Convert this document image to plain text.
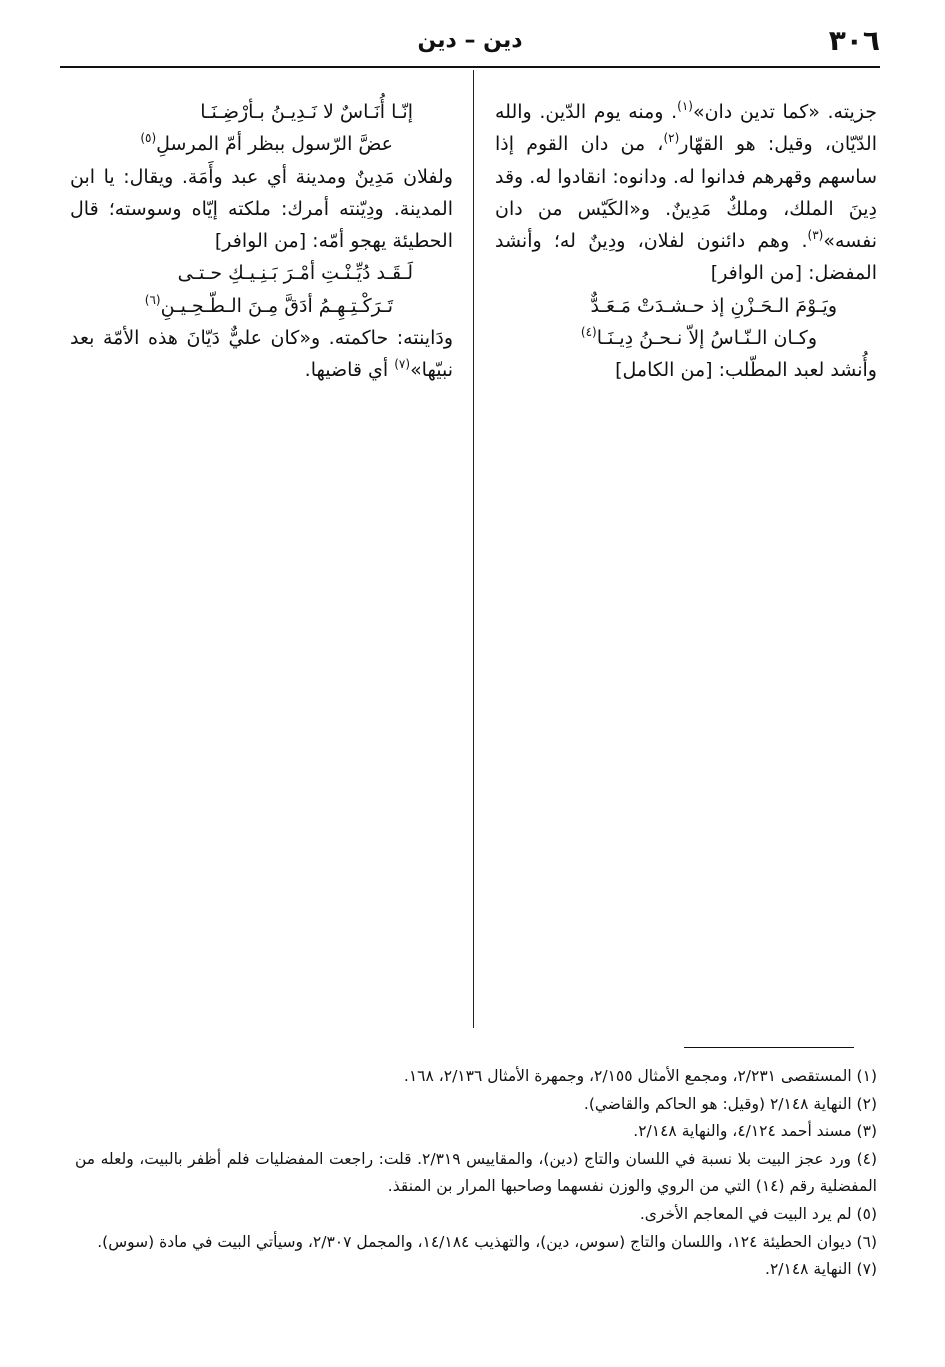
٣٠٦
دين – دين

جزيته. «كما تدين دان»$^{(١)}$. ومنه يوم الدّين. والله الدّيّان، وقيل: هو القهّار$^{(٢)}$، من دان القوم إذا ساسهم وقهرهم فدانوا له. ودانوه: انقادوا له. وقد دِينَ الملك، وملكٌ مَدِينٌ. و«الكَيّس من دان نفسه»$^{(٣)}$. وهم دائنون لفلان، ودِينٌ له؛ وأنشد المفضل: [من الوافر]

ويَـوْمَ الـحَـزْنِ إذ حـشـدَتْ مَـعَـدٌّ

وكـان الـنّـاسُ إلاّ نـحـنُ دِيـنَـا$^{(٤)}$

وأُنشد لعبد المطّلب: [من الكامل]

إنّـا أُنَـاسٌ لا نَـدِيـنُ بـأرْضِـنَـا

عضَّ الرّسول ببظر أمّ المرسلِ$^{(٥)}$

ولفلان مَدِينٌ ومدينة أي عبد وأَمَة. ويقال: يا ابن المدينة. ودِيّنته أمرك: ملكته إيّاه وسوسته؛ قال الحطيئة يهجو أمّه: [من الوافر]

لَـقَـد دُيِّـنْـتِ أمْـرَ بَـنِـيـكِ حـتـى

تَـرَكْـتِـهِـمُ أدَقَّ مِـنَ الـطّـحِـيـنِ$^{(٦)}$

ودَاينته: حاكمته. و«كان عليٌّ دَيّانَ هذه الأمّة بعد نبيّها»$^{(٧)}$ أي قاضيها.

(١) المستقصى ٢/٢٣١، ومجمع الأمثال ٢/١٥٥، وجمهرة الأمثال ٢/١٣٦، ١٦٨.

(٢) النهاية ٢/١٤٨ (وقيل: هو الحاكم والقاضي).

(٣) مسند أحمد ٤/١٢٤، والنهاية ٢/١٤٨.

(٤) ورد عجز البيت بلا نسبة في اللسان والتاج (دين)، والمقاييس ٢/٣١٩. قلت: راجعت المفضليات فلم أظفر بالبيت، ولعله من المفضلية رقم (١٤) التي من الروي والوزن نفسهما وصاحبها المرار بن المنقذ.

(٥) لم يرد البيت في المعاجم الأخرى.

(٦) ديوان الحطيئة ١٢٤، واللسان والتاج (سوس، دين)، والتهذيب ١٤/١٨٤، والمجمل ٢/٣٠٧، وسيأتي البيت في مادة (سوس).

(٧) النهاية ٢/١٤٨.
